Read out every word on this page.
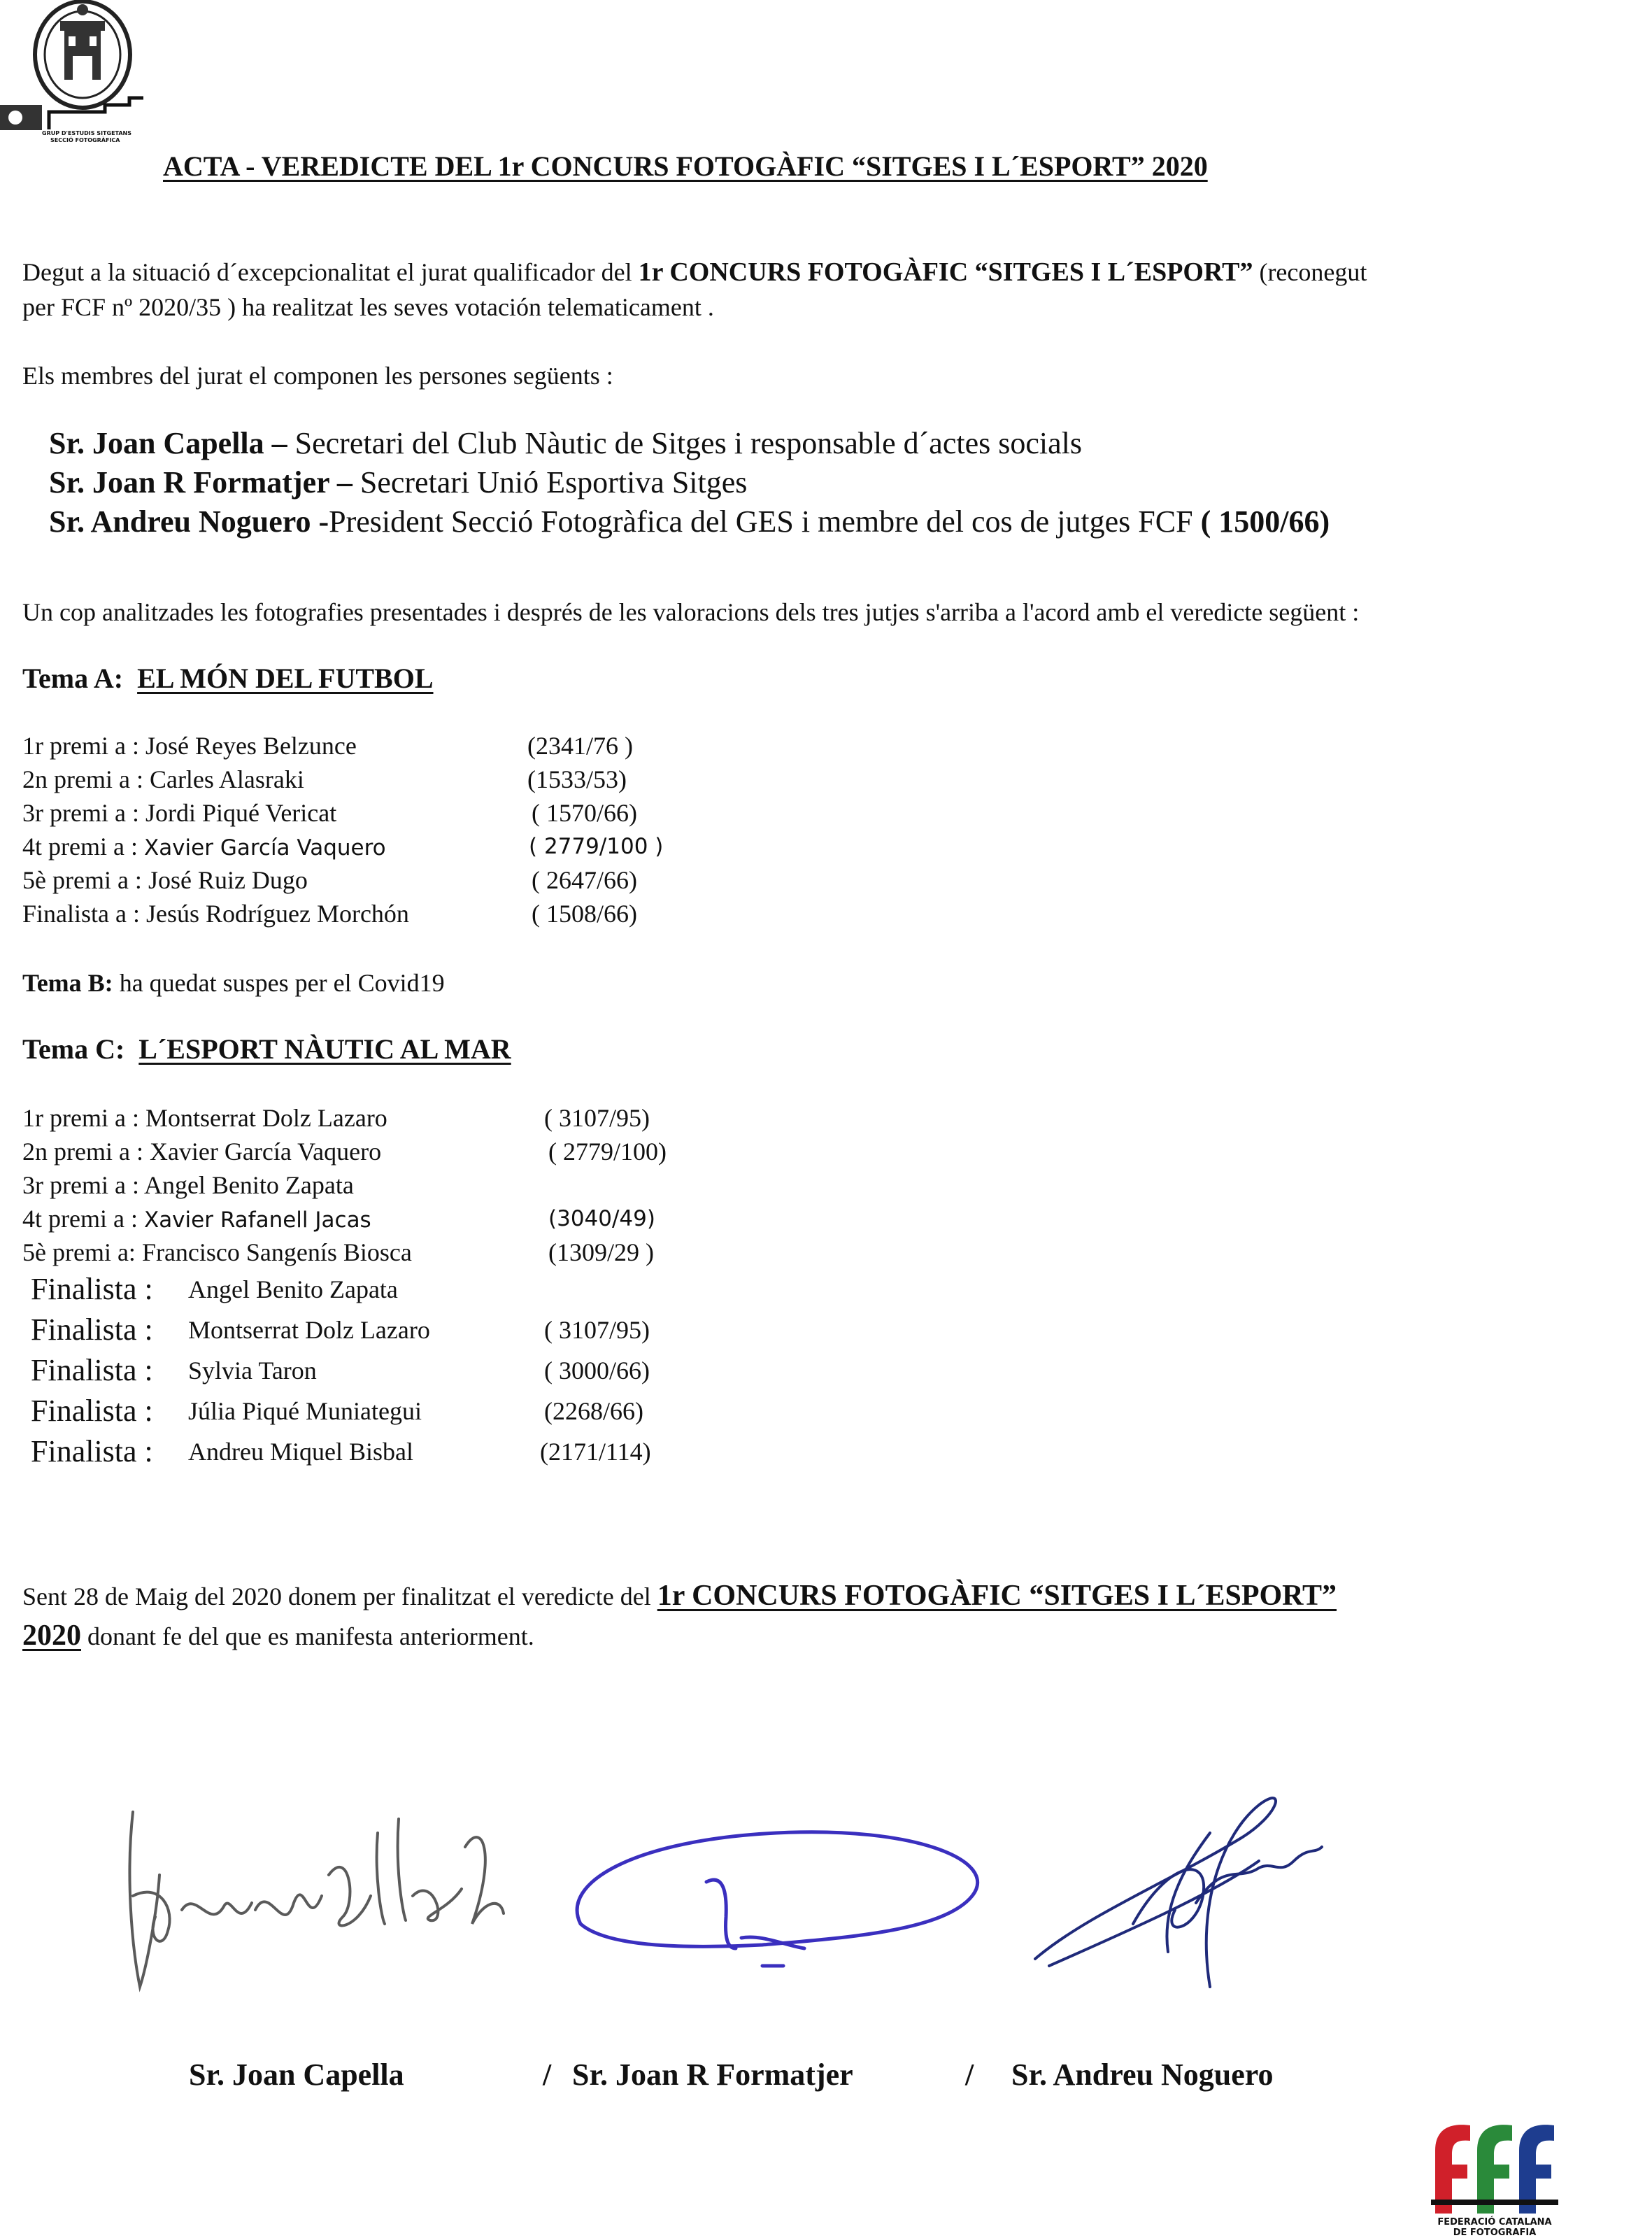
GRUP D'ESTUDIS SITGETANS
SECCIÓ FOTOGRÀFICA
ACTA - VEREDICTE DEL 1r CONCURS FOTOGÀFIC “SITGES I L´ESPORT” 2020
Degut a la situació d´excepcionalitat el jurat qualificador del 1r CONCURS FOTOGÀFIC “SITGES I L´ESPORT” (reconegut
per FCF nº 2020/35 ) ha realitzat les seves votación telematicament .
Els membres del jurat el componen les persones següents :
Sr. Joan Capella – Secretari del Club Nàutic de Sitges i responsable d´actes socials
Sr. Joan R Formatjer – Secretari Unió Esportiva Sitges
Sr. Andreu Noguero -President Secció Fotogràfica del GES i membre del cos de jutges FCF ( 1500/66)
Un cop analitzades les fotografies presentades i després de les valoracions dels tres jutjes s'arriba a l'acord amb el veredicte següent :
Tema A: EL MÓN DEL FUTBOL
1r premi a : José Reyes Belzunce	(2341/76 )
2n premi a : Carles Alasraki	(1533/53)
3r premi a : Jordi Piqué Vericat	( 1570/66)
4t premi a : Xavier García Vaquero	( 2779/100 )
5è premi a : José Ruiz Dugo	( 2647/66)
Finalista a : Jesús Rodríguez Morchón	( 1508/66)
Tema B: ha quedat suspes per el Covid19
Tema C: L´ESPORT NÀUTIC AL MAR
1r premi a : Montserrat Dolz Lazaro	( 3107/95)
2n premi a : Xavier García Vaquero	( 2779/100)
3r premi a : Angel Benito Zapata
4t premi a : Xavier Rafanell Jacas	(3040/49)
5è premi a: Francisco Sangenís Biosca	(1309/29 )
Finalista : Angel Benito Zapata
Finalista : Montserrat Dolz Lazaro	( 3107/95)
Finalista : Sylvia Taron	( 3000/66)
Finalista : Júlia Piqué Muniategui	(2268/66)
Finalista : Andreu Miquel Bisbal	(2171/114)
Sent 28 de Maig del 2020 donem per finalitzat el veredicte del 1r CONCURS FOTOGÀFIC “SITGES I L´ESPORT”
2020 donant fe del que es manifesta anteriorment.
Sr. Joan Capella	/ Sr. Joan R Formatjer	/ Sr. Andreu Noguero
FEDERACIÓ CATALANA
DE FOTOGRAFIA
